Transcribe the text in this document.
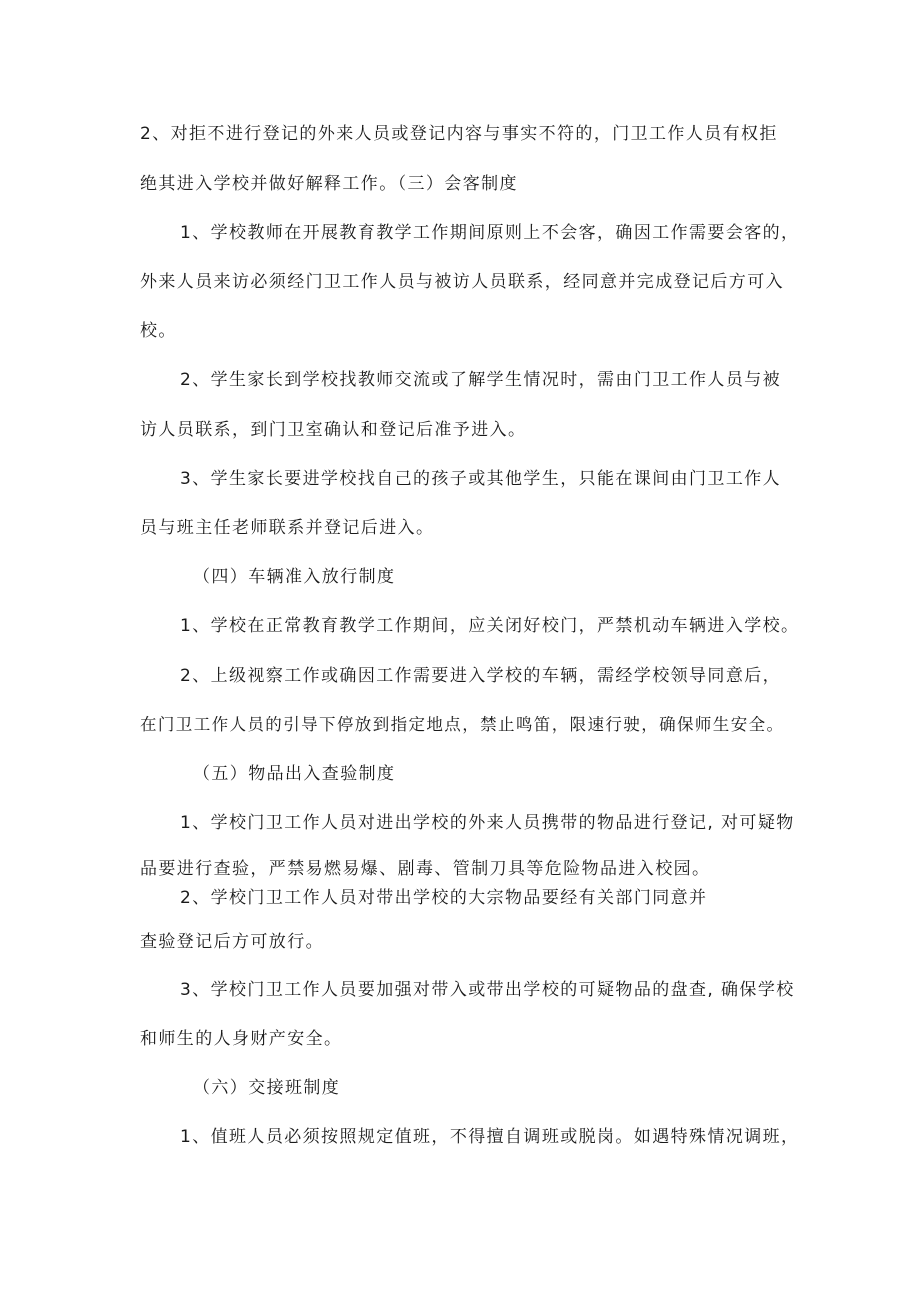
2、对拒不进行登记的外来人员或登记内容与事实不符的，门卫工作人员有权拒
绝其进入学校并做好解释工作。（三）会客制度
1、学校教师在开展教育教学工作期间原则上不会客，确因工作需要会客的，
外来人员来访必须经门卫工作人员与被访人员联系，经同意并完成登记后方可入
校。
2、学生家长到学校找教师交流或了解学生情况时，需由门卫工作人员与被
访人员联系，到门卫室确认和登记后准予进入。
3、学生家长要进学校找自己的孩子或其他学生，只能在课间由门卫工作人
员与班主任老师联系并登记后进入。
（四）车辆准入放行制度
1、学校在正常教育教学工作期间，应关闭好校门，严禁机动车辆进入学校。
2、上级视察工作或确因工作需要进入学校的车辆，需经学校领导同意后，
在门卫工作人员的引导下停放到指定地点，禁止鸣笛，限速行驶，确保师生安全。
（五）物品出入查验制度
1、学校门卫工作人员对进出学校的外来人员携带的物品进行登记, 对可疑物
品要进行查验，严禁易燃易爆、剧毒、管制刀具等危险物品进入校园。
2、学校门卫工作人员对带出学校的大宗物品要经有关部门同意并
查验登记后方可放行。
3、学校门卫工作人员要加强对带入或带出学校的可疑物品的盘查, 确保学校
和师生的人身财产安全。
（六）交接班制度
1、值班人员必须按照规定值班，不得擅自调班或脱岗。如遇特殊情况调班，
